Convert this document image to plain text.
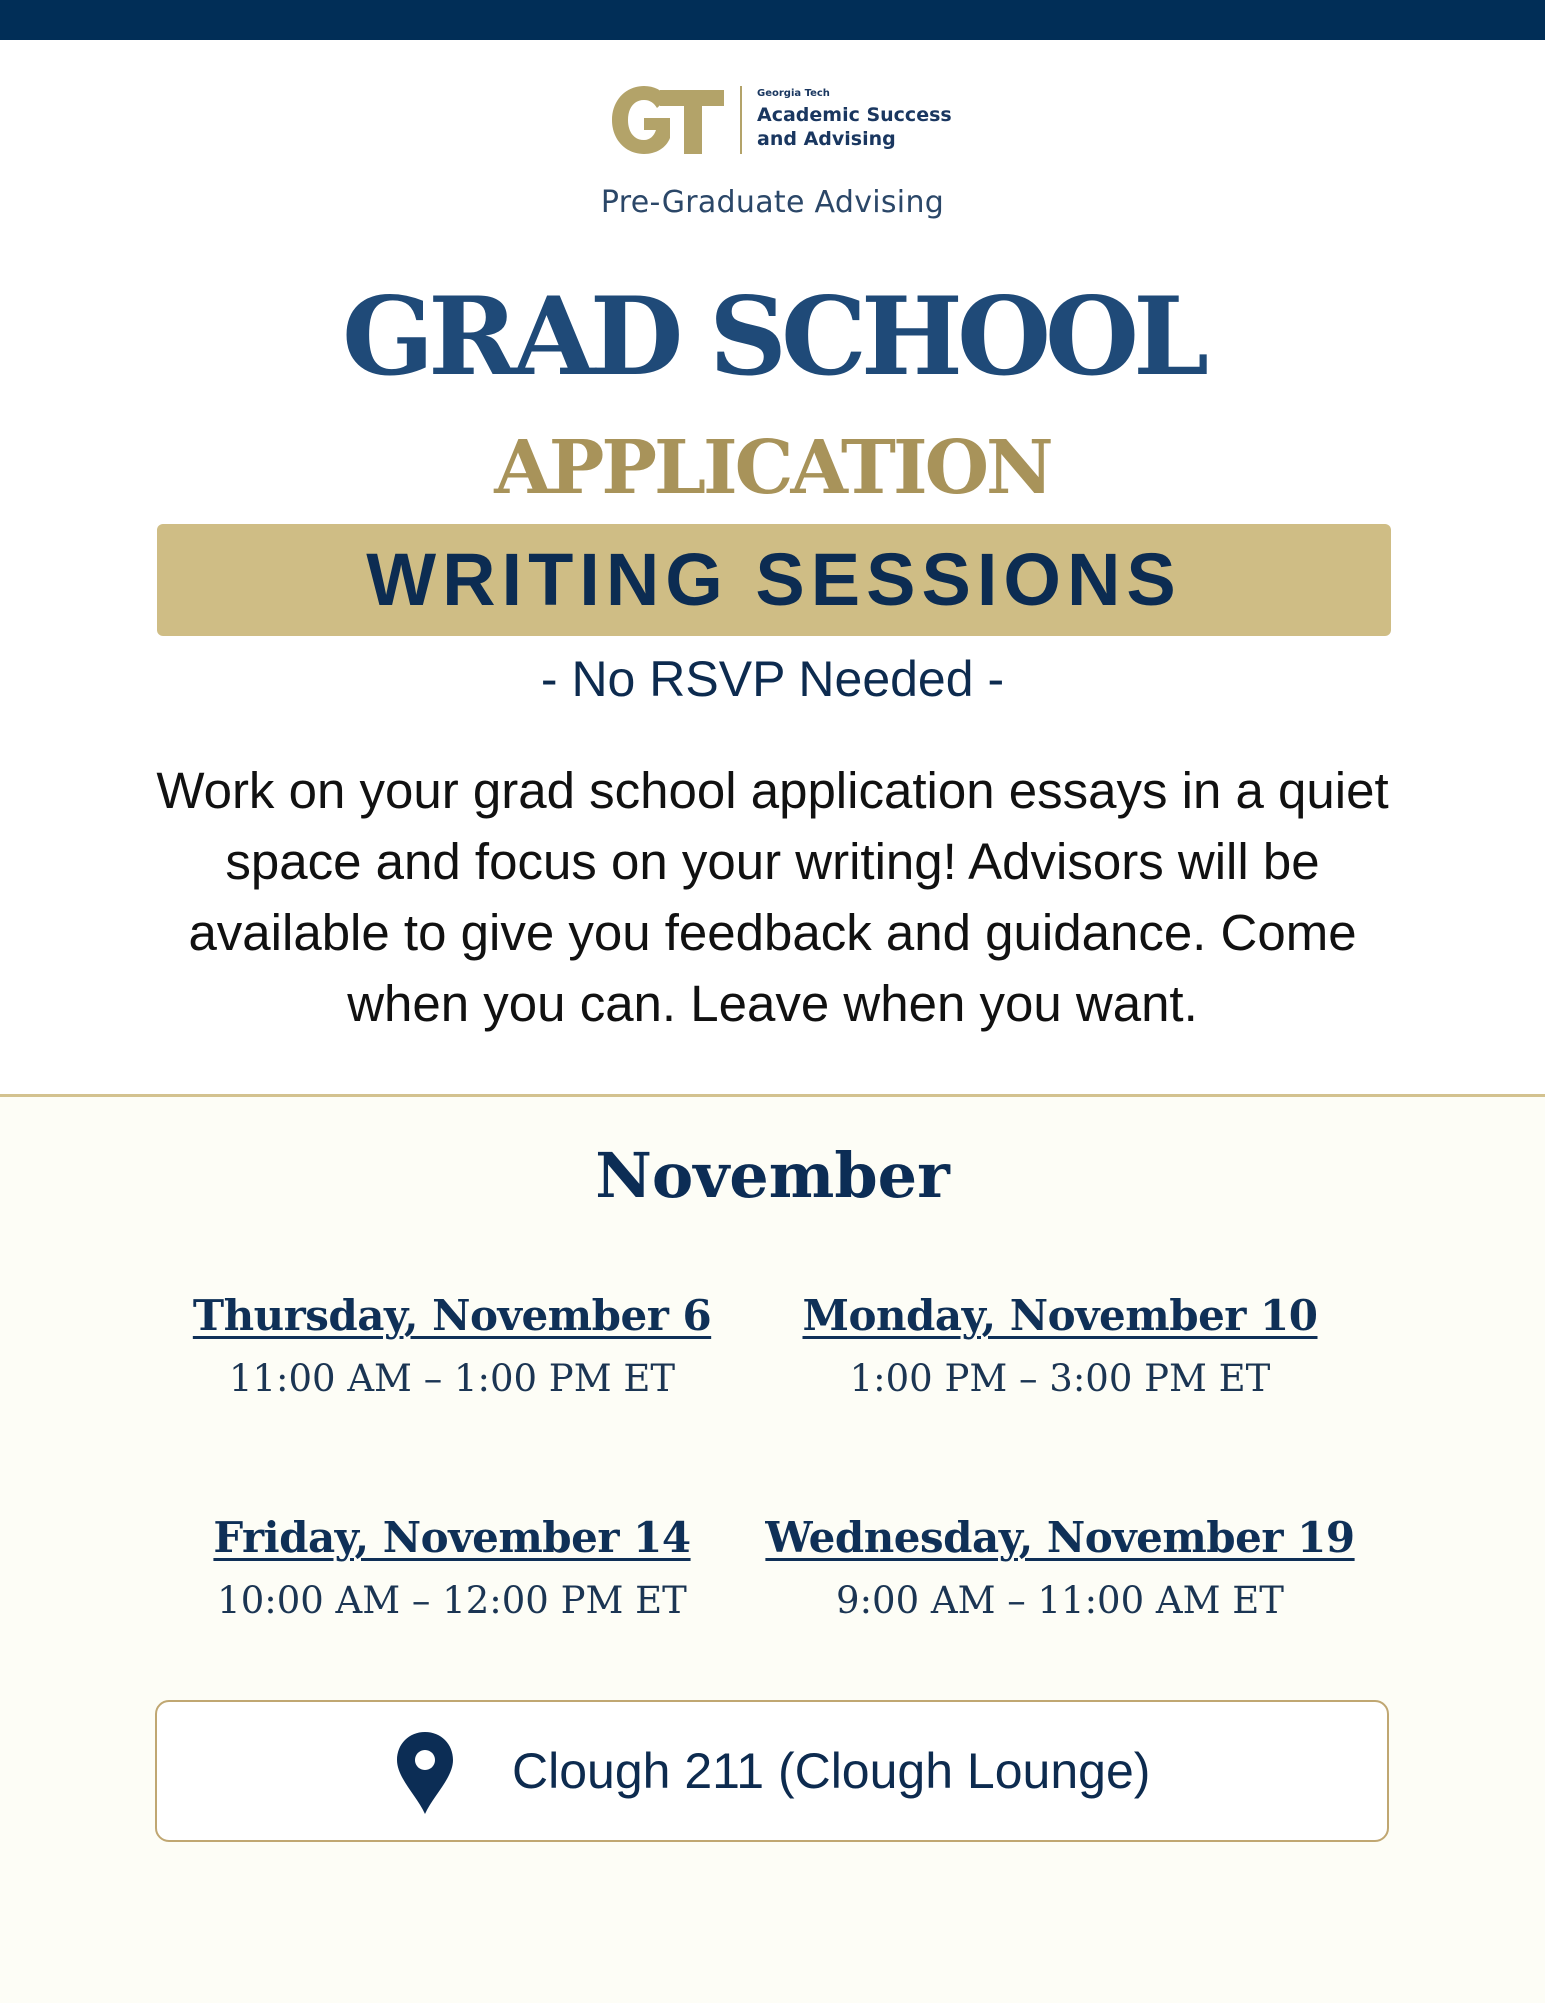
Georgia Tech
Academic Success
and Advising

Pre-Graduate Advising

GRAD SCHOOL
APPLICATION
WRITING SESSIONS

- No RSVP Needed -

Work on your grad school application essays in a quiet space and focus on your writing! Advisors will be available to give you feedback and guidance. Come when you can. Leave when you want.

November
Thursday, November 6
11:00 AM – 1:00 PM ET
Monday, November 10
1:00 PM – 3:00 PM ET
Friday, November 14
10:00 AM – 12:00 PM ET
Wednesday, November 19
9:00 AM – 11:00 AM ET
Clough 211 (Clough Lounge)
